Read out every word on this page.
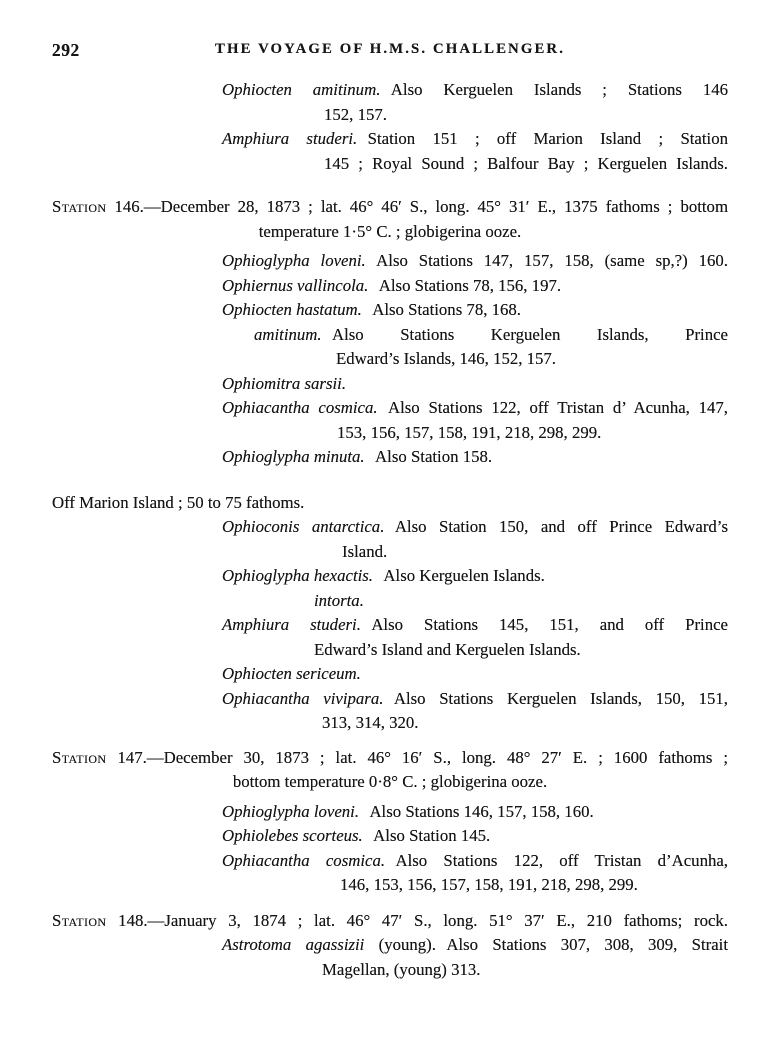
292	THE VOYAGE OF H.M.S. CHALLENGER.
Ophiocten amitinum. Also Kerguelen Islands ; Stations 146
152, 157.
Amphiura studeri. Station 151 ; off Marion Island ; Station
145 ; Royal Sound ; Balfour Bay ; Kerguelen Islands.
Station 146.—December 28, 1873 ; lat. 46° 46′ S., long. 45° 31′ E., 1375 fathoms ; bottom
temperature 1·5° C. ; globigerina ooze.
Ophioglypha loveni. Also Stations 147, 157, 158, (same sp,?) 160.
Ophiernus vallincola. Also Stations 78, 156, 197.
Ophiocten hastatum. Also Stations 78, 168.
amitinum. Also Stations Kerguelen Islands, Prince
Edward’s Islands, 146, 152, 157.
Ophiomitra sarsii.
Ophiacantha cosmica. Also Stations 122, off Tristan d’ Acunha, 147,
153, 156, 157, 158, 191, 218, 298, 299.
Ophioglypha minuta. Also Station 158.
Off Marion Island ; 50 to 75 fathoms.
Ophioconis antarctica. Also Station 150, and off Prince Edward’s
Island.
Ophioglypha hexactis. Also Kerguelen Islands.
intorta.
Amphiura studeri. Also Stations 145, 151, and off Prince
Edward’s Island and Kerguelen Islands.
Ophiocten sericeum.
Ophiacantha vivipara. Also Stations Kerguelen Islands, 150, 151,
313, 314, 320.
Station 147.—December 30, 1873 ; lat. 46° 16′ S., long. 48° 27′ E. ; 1600 fathoms ;
bottom temperature 0·8° C. ; globigerina ooze.
Ophioglypha loveni. Also Stations 146, 157, 158, 160.
Ophiolebes scorteus. Also Station 145.
Ophiacantha cosmica. Also Stations 122, off Tristan d’Acunha,
146, 153, 156, 157, 158, 191, 218, 298, 299.
Station 148.—January 3, 1874 ; lat. 46° 47′ S., long. 51° 37′ E., 210 fathoms; rock.
Astrotoma agassizii (young). Also Stations 307, 308, 309, Strait
Magellan, (young) 313.
